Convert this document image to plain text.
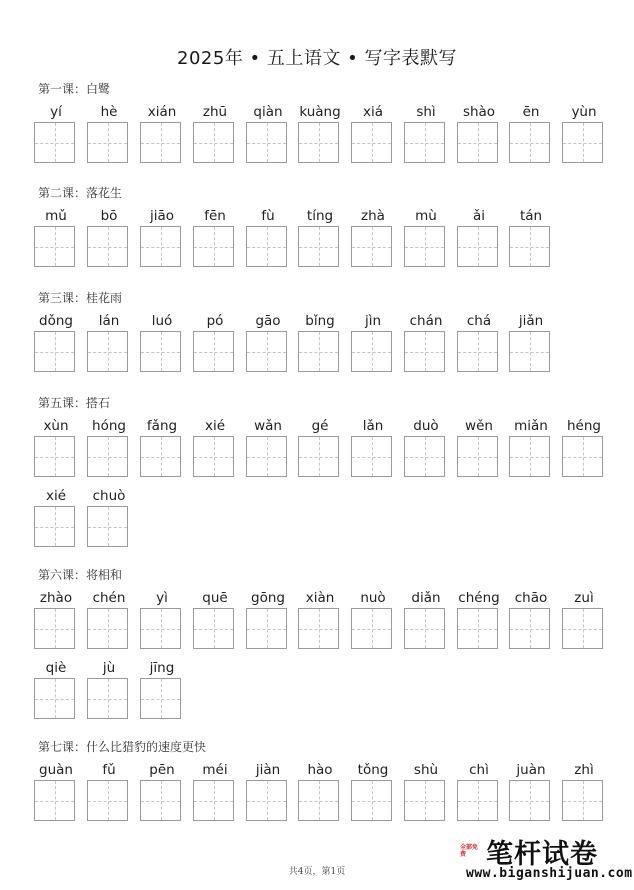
2025年 • 五上语文 • 写字表默写
第一课：白鹭
yí	hè	xián	zhū	qiàn	kuàng	xiá	shì	shào	ēn	yùn
第二课：落花生
mǔ	bō	jiāo	fēn	fù	tíng	zhà	mù	ǎi	tán
第三课：桂花雨
dǒng	lán	luó	pó	gāo	bǐng	jìn	chán	chá	jiǎn
第五课：搭石
xùn	hóng	fǎng	xié	wǎn	gé	lǎn	duò	wěn	miǎn	héng
xié	chuò
第六课：将相和
zhào	chén	yì	quē	gōng	xiàn	nuò	diǎn	chéng	chāo	zuì
qiè	jù	jīng
第七课：什么比猎豹的速度更快
guàn	fǔ	pēn	méi	jiàn	hào	tǒng	shù	chì	juàn	zhì
共4页，第1页
全部免费 笔杆试卷
www.biganshijuan.com
